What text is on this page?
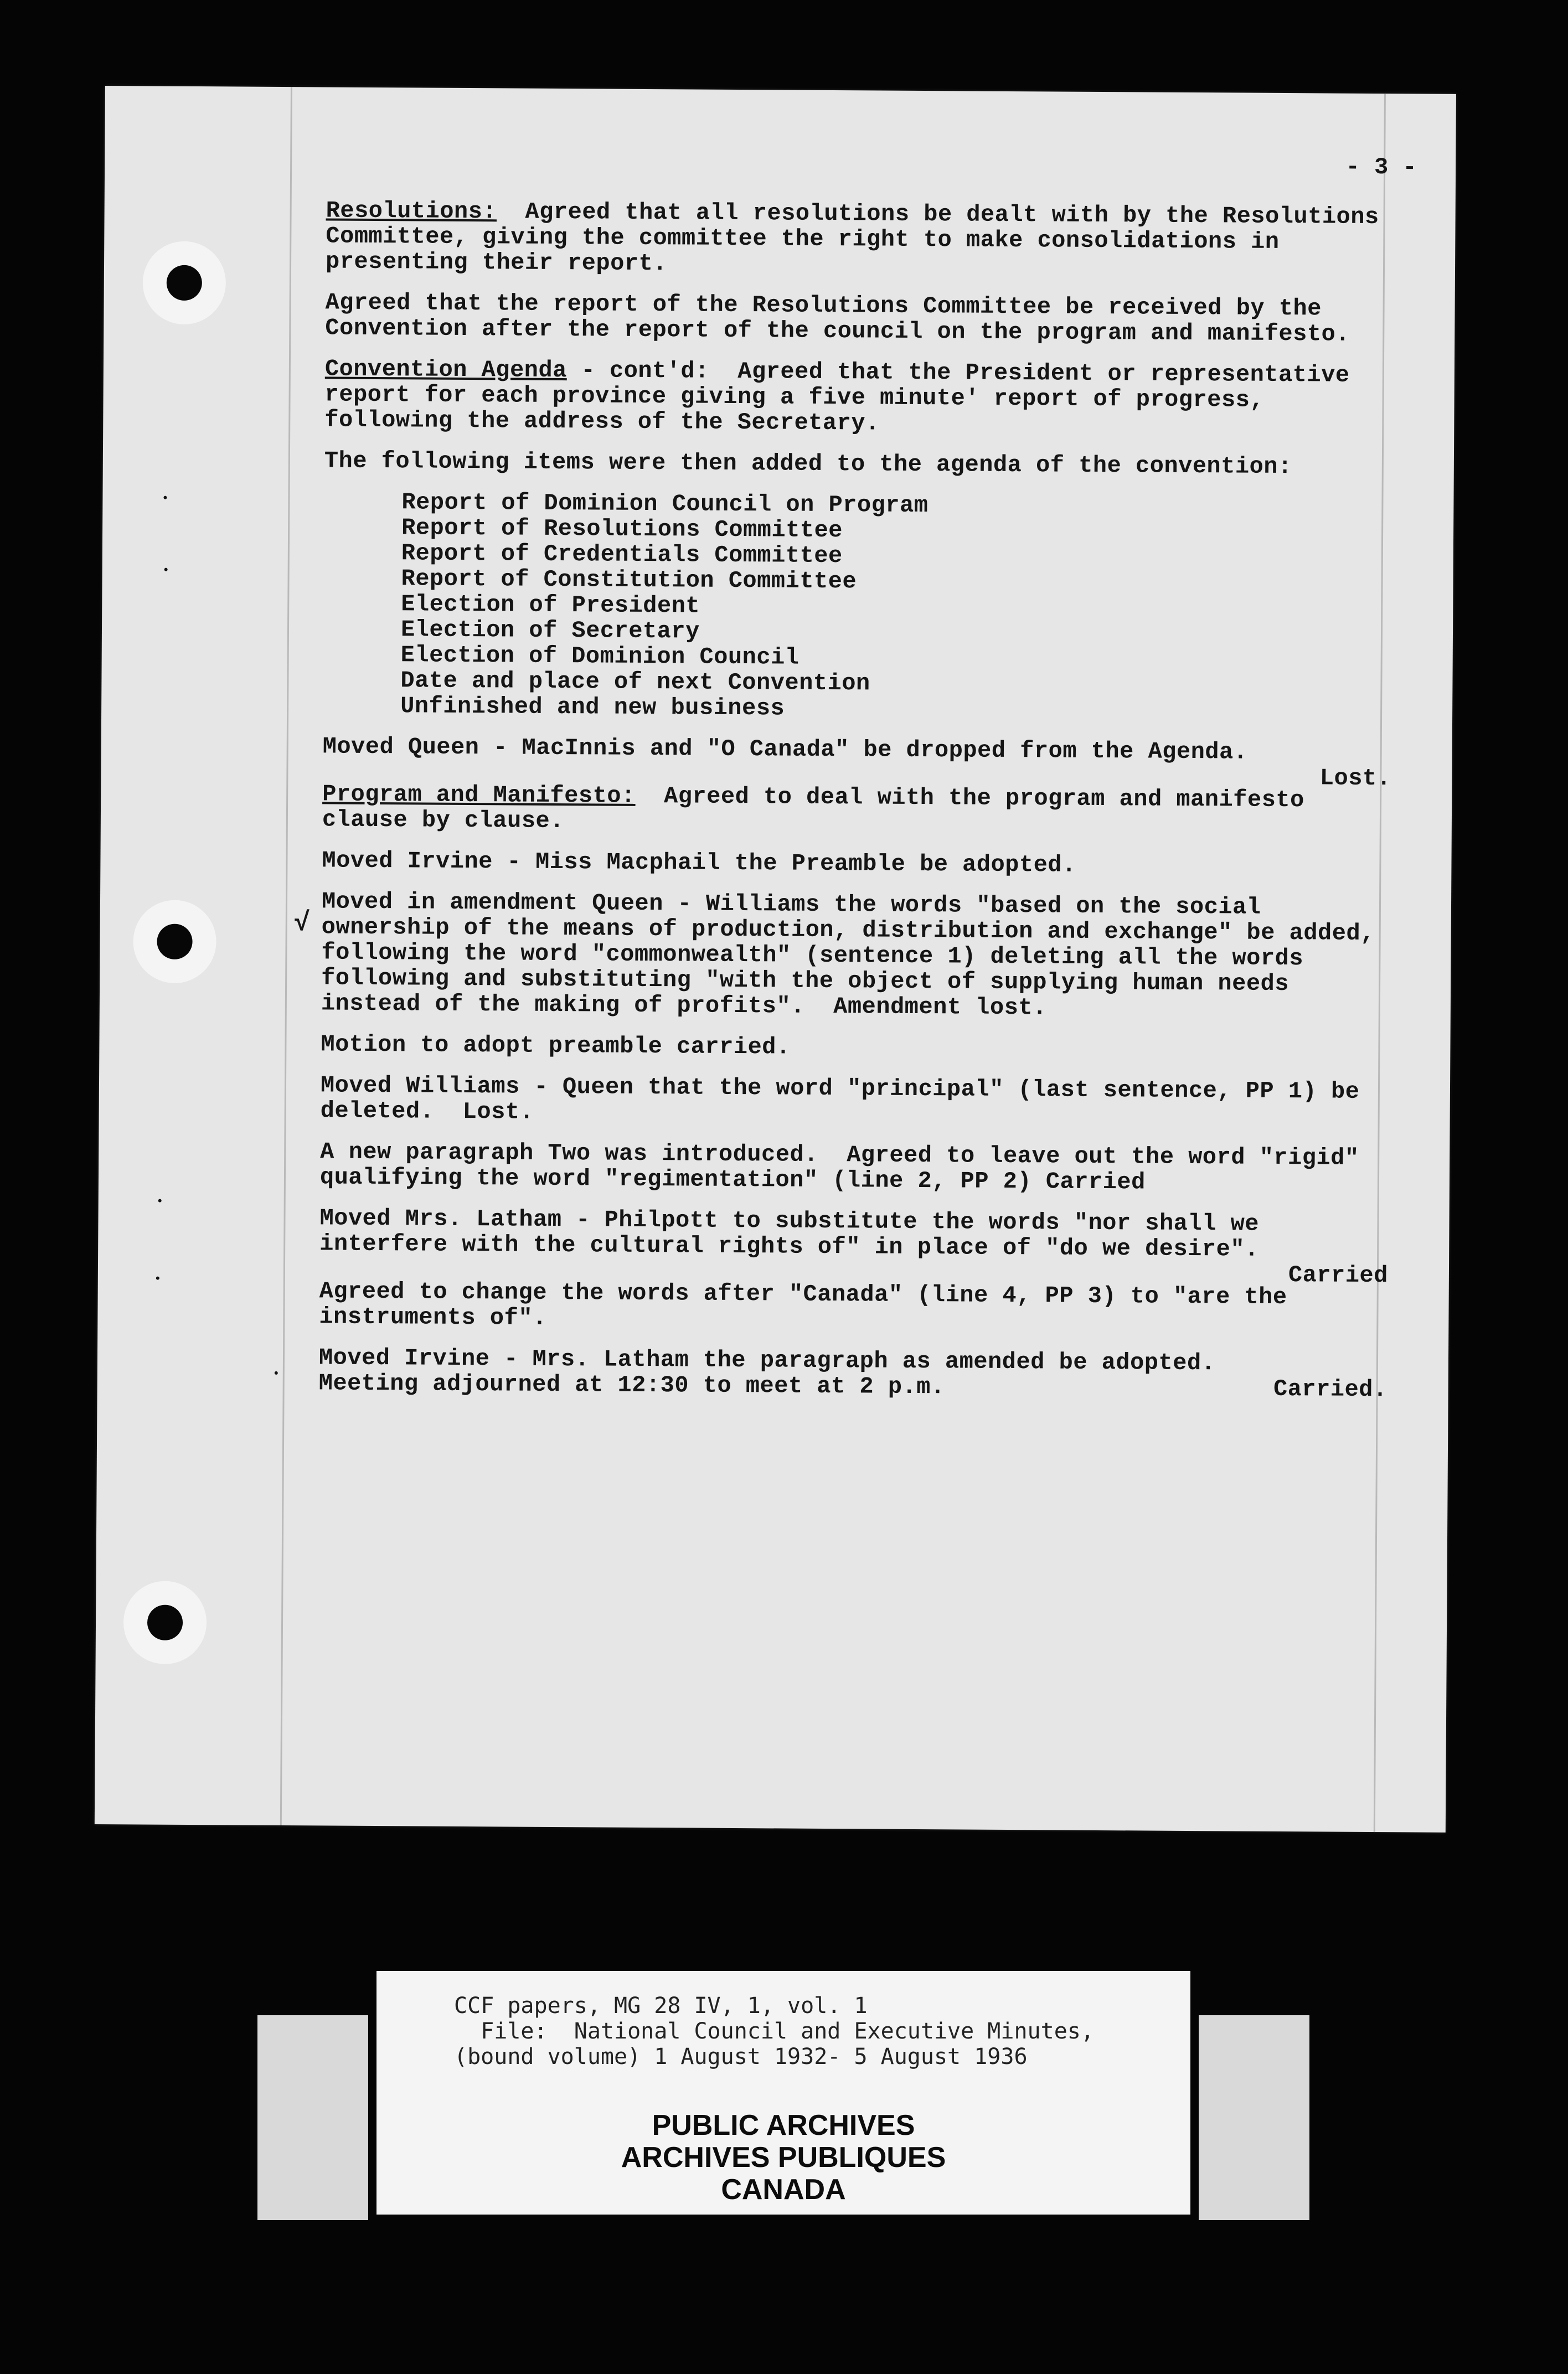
- 3 -

Resolutions:  Agreed that all resolutions be dealt with by the Resolutions Committee, giving the committee the right to make consolidations in presenting their report.

Agreed that the report of the Resolutions Committee be received by the Convention after the report of the council on the program and manifesto.

Convention Agenda - cont'd:  Agreed that the President or representative report for each province giving a five minute' report of progress, following the address of the Secretary.

The following items were then added to the agenda of the convention:

Report of Dominion Council on Program
Report of Resolutions Committee
Report of Credentials Committee
Report of Constitution Committee
Election of President
Election of Secretary
Election of Dominion Council
Date and place of next Convention
Unfinished and new business

Moved Queen - MacInnis and "O Canada" be dropped from the Agenda.

Lost.

Program and Manifesto:  Agreed to deal with the program and manifesto clause by clause.

Moved Irvine - Miss Macphail the Preamble be adopted.

√

Moved in amendment Queen - Williams the words "based on the social ownership of the means of production, distribution and exchange" be added, following the word "commonwealth" (sentence 1) deleting all the words following and substituting "with the object of supplying human needs instead of the making of profits".  Amendment lost.

Motion to adopt preamble carried.

Moved Williams - Queen that the word "principal" (last sentence, PP 1) be deleted.  Lost.

A new paragraph Two was introduced.  Agreed to leave out the word "rigid" qualifying the word "regimentation" (line 2, PP 2) Carried

Moved Mrs. Latham - Philpott to substitute the words "nor shall we interfere with the cultural rights of" in place of "do we desire".

Carried

Agreed to change the words after "Canada" (line 4, PP 3) to "are the instruments of".

Moved Irvine - Mrs. Latham the paragraph as amended be adopted.

Carried.

Meeting adjourned at 12:30 to meet at 2 p.m.

CCF papers, MG 28 IV, 1, vol. 1
File:  National Council and Executive Minutes,
(bound volume) 1 August 1932- 5 August 1936
PUBLIC ARCHIVES
ARCHIVES PUBLIQUES
CANADA
